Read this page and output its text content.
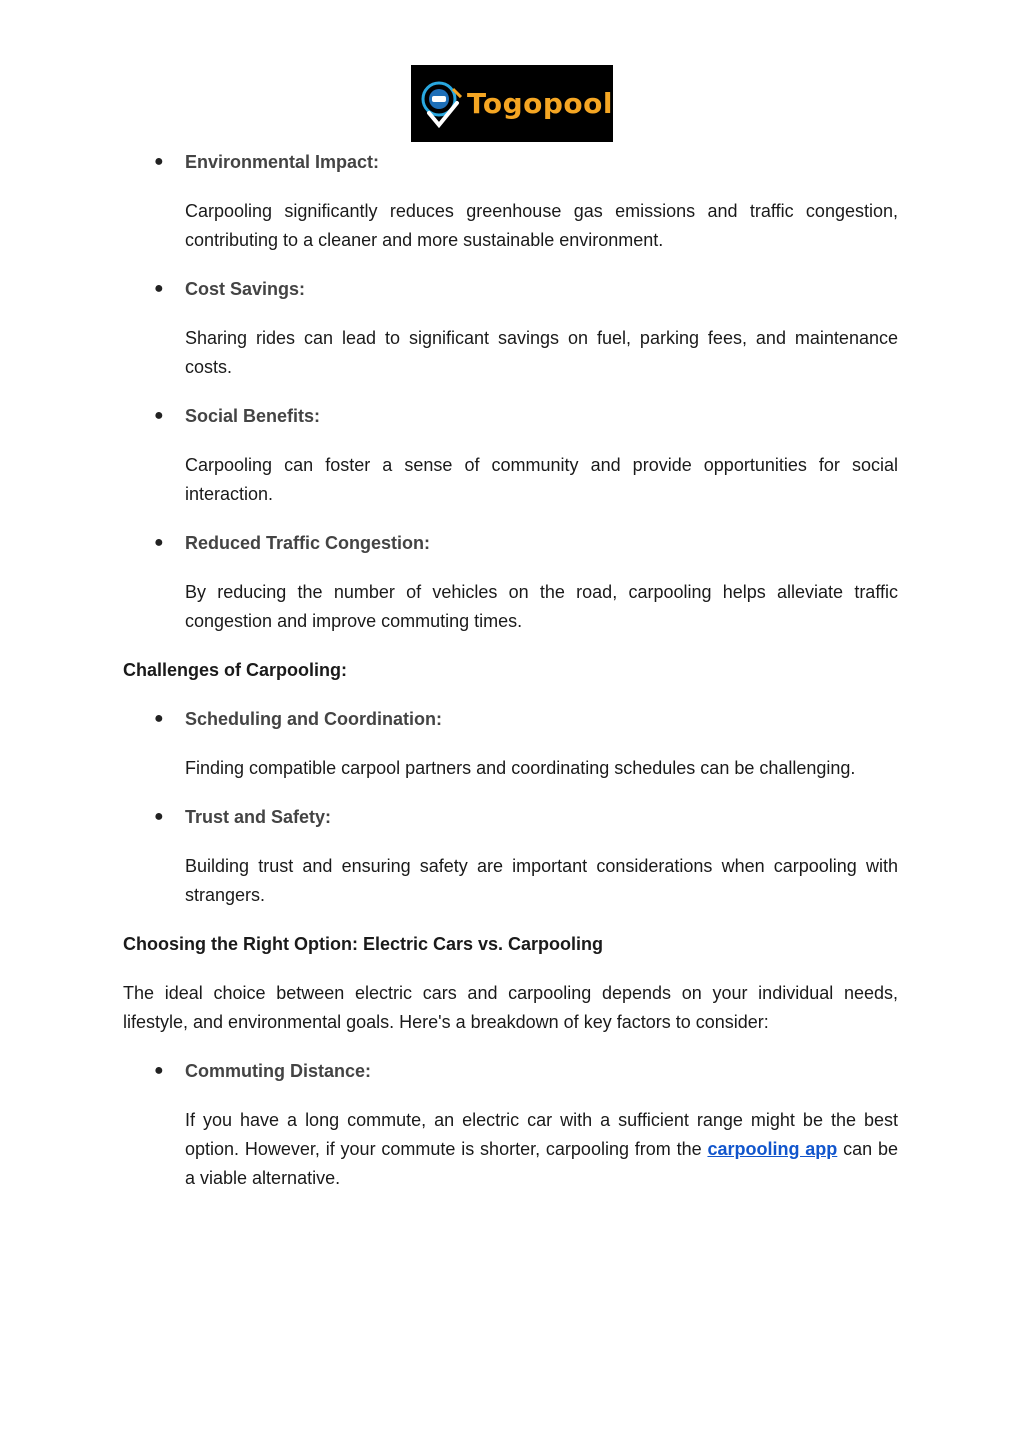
Togopool
● Environmental Impact:
Carpooling significantly reduces greenhouse gas emissions and traffic congestion, contributing to a cleaner and more sustainable environment.
● Cost Savings:
Sharing rides can lead to significant savings on fuel, parking fees, and maintenance costs.
● Social Benefits:
Carpooling can foster a sense of community and provide opportunities for social interaction.
● Reduced Traffic Congestion:
By reducing the number of vehicles on the road, carpooling helps alleviate traffic congestion and improve commuting times.
Challenges of Carpooling:
● Scheduling and Coordination:
Finding compatible carpool partners and coordinating schedules can be challenging.
● Trust and Safety:
Building trust and ensuring safety are important considerations when carpooling with strangers.
Choosing the Right Option: Electric Cars vs. Carpooling
The ideal choice between electric cars and carpooling depends on your individual needs, lifestyle, and environmental goals. Here's a breakdown of key factors to consider:
● Commuting Distance:
If you have a long commute, an electric car with a sufficient range might be the best option. However, if your commute is shorter, carpooling from the carpooling app can be a viable alternative.
